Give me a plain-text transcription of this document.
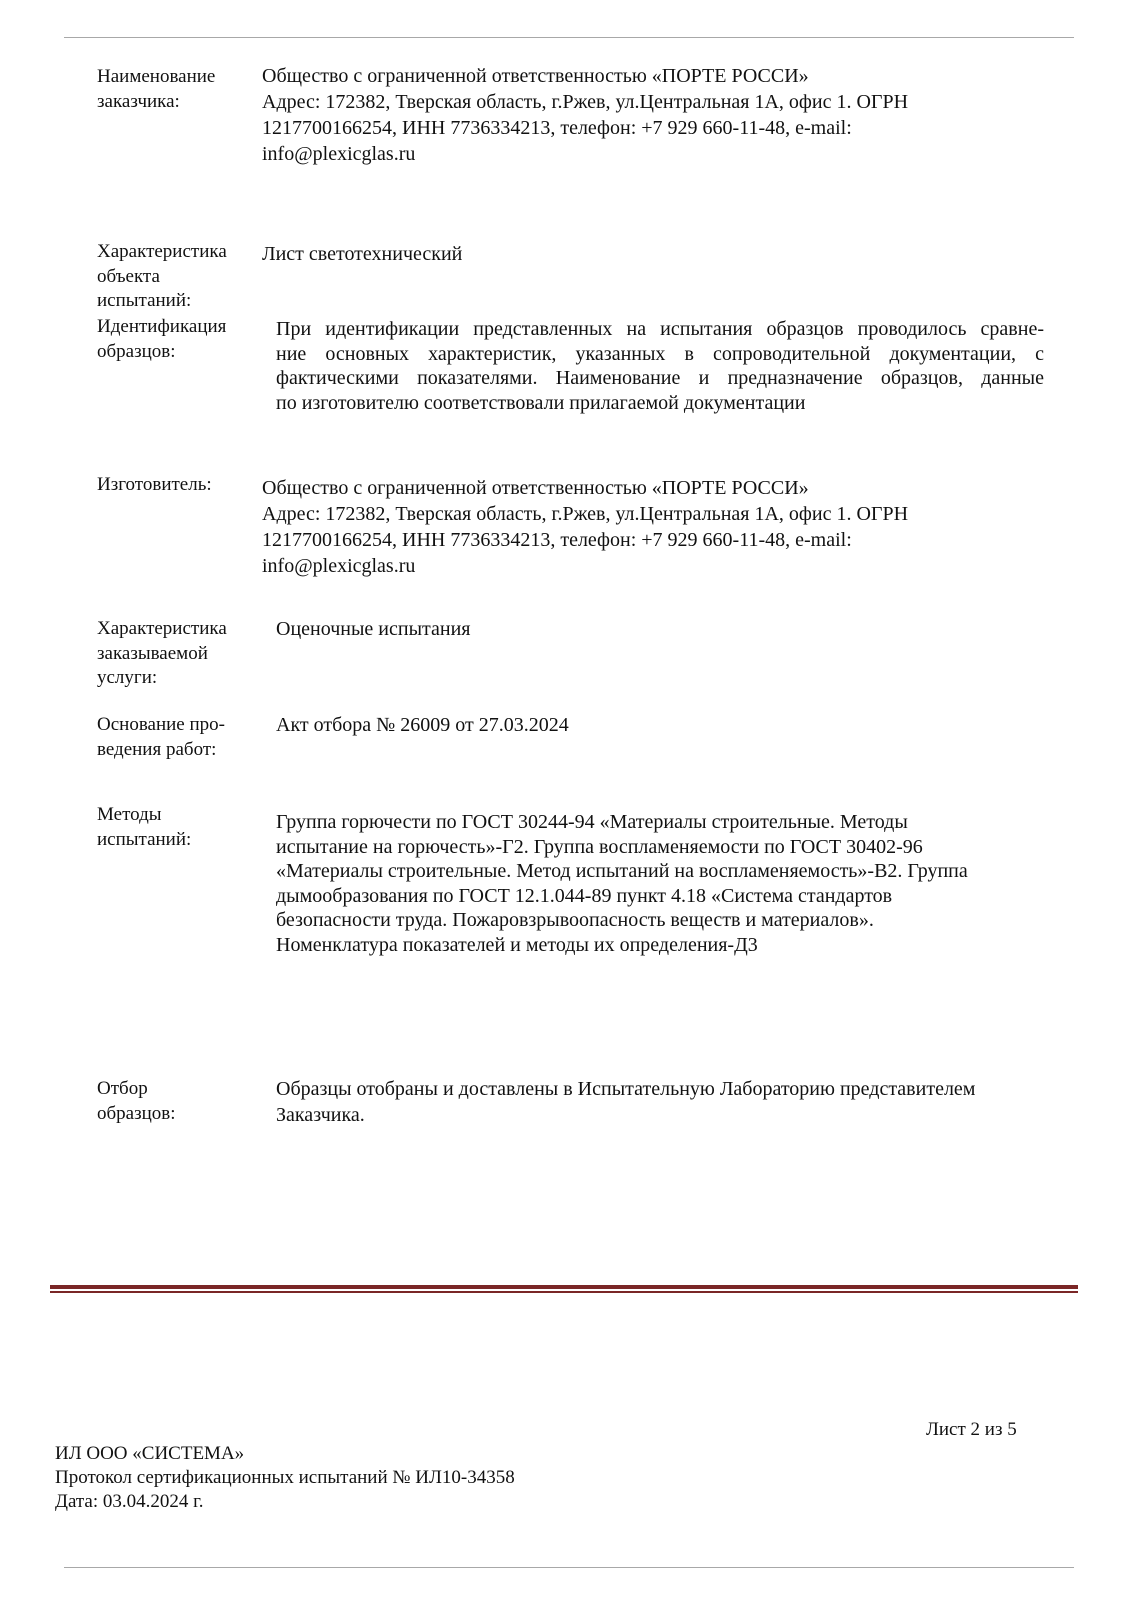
Наименование
заказчика:
Общество с ограниченной ответственностью «ПОРТЕ РОССИ»
Адрес: 172382, Тверская область, г.Ржев, ул.Центральная 1А, офис 1. ОГРН
1217700166254, ИНН 7736334213, телефон: +7 929 660-11-48, e-mail:
info@plexicglas.ru
Характеристика
объекта
испытаний:
Лист светотехнический
Идентификация
образцов:
При идентификации представленных на испытания образцов проводилось сравне-
ние основных характеристик, указанных в сопроводительной документации, с
фактическими показателями. Наименование и предназначение образцов, данные
по изготовителю соответствовали прилагаемой документации
Изготовитель:	Общество с ограниченной ответственностью «ПОРТЕ РОССИ»
Адрес: 172382, Тверская область, г.Ржев, ул.Центральная 1А, офис 1. ОГРН
1217700166254, ИНН 7736334213, телефон: +7 929 660-11-48, e-mail:
info@plexicglas.ru
Характеристика
заказываемой
услуги:
Оценочные испытания
Основание про-
ведения работ:
Акт отбора № 26009 от 27.03.2024
Методы
испытаний:
Группа горючести по ГОСТ 30244-94 «Материалы строительные. Методы
испытание на горючесть»-Г2. Группа воспламеняемости по ГОСТ 30402-96
«Материалы строительные. Метод испытаний на воспламеняемость»-В2. Группа
дымообразования по ГОСТ 12.1.044-89 пункт 4.18 «Система стандартов
безопасности труда. Пожаровзрывоопасность веществ и материалов».
Номенклатура показателей и методы их определения-Д3
Отбор
образцов:
Образцы отобраны и доставлены в Испытательную Лабораторию представителем
Заказчика.
Лист 2 из 5
ИЛ ООО «СИСТЕМА»
Протокол сертификационных испытаний № ИЛ10-34358
Дата: 03.04.2024 г.
